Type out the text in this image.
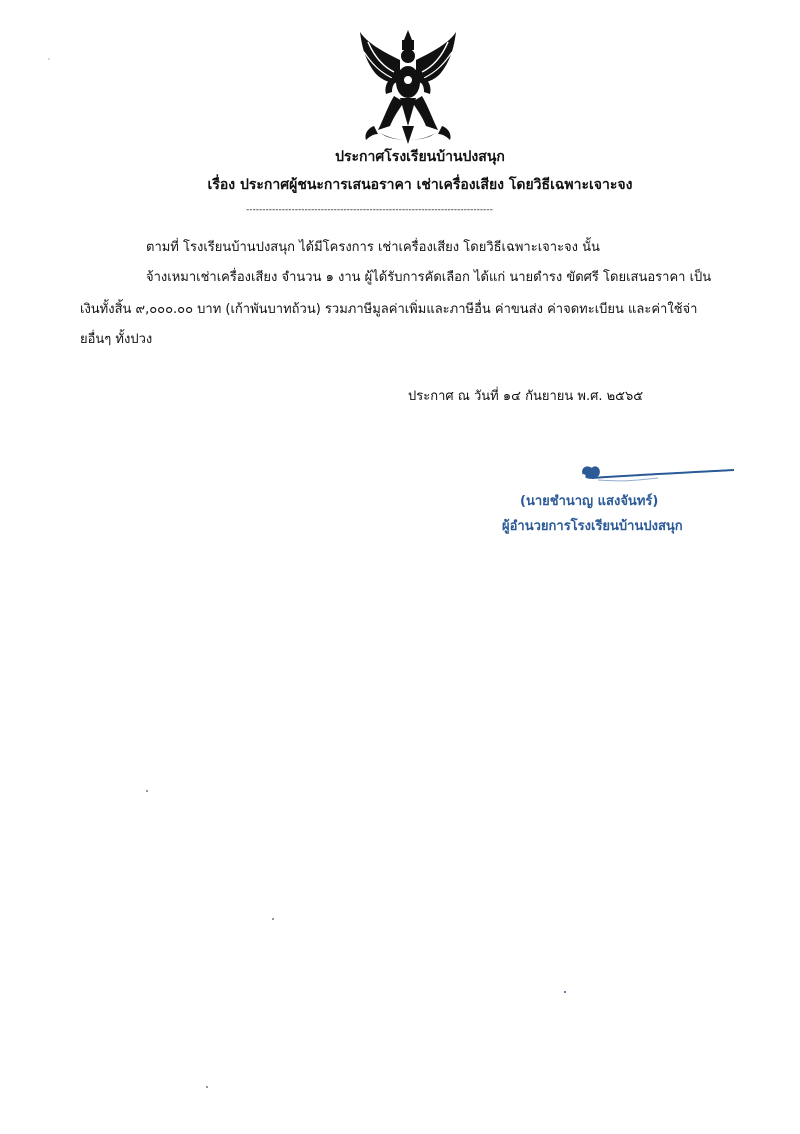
ประกาศโรงเรียนบ้านปงสนุก
เรื่อง ประกาศผู้ชนะการเสนอราคา เช่าเครื่องเสียง โดยวิธีเฉพาะเจาะจง
----------------------------------------------------------------------------
ตามที่ โรงเรียนบ้านปงสนุก ได้มีโครงการ เช่าเครื่องเสียง โดยวิธีเฉพาะเจาะจง นั้น
จ้างเหมาเช่าเครื่องเสียง จำนวน ๑ งาน ผู้ได้รับการคัดเลือก ได้แก่ นายดำรง ขัดศรี โดยเสนอราคา เป็น
เงินทั้งสิ้น ๙,๐๐๐.๐๐ บาท (เก้าพันบาทถ้วน) รวมภาษีมูลค่าเพิ่มและภาษีอื่น ค่าขนส่ง ค่าจดทะเบียน และค่าใช้จ่า
ยอื่นๆ ทั้งปวง
ประกาศ ณ วันที่ ๑๔ กันยายน พ.ศ. ๒๕๖๕
(นายชำนาญ แสงจันทร์)
ผู้อำนวยการโรงเรียนบ้านปงสนุก
